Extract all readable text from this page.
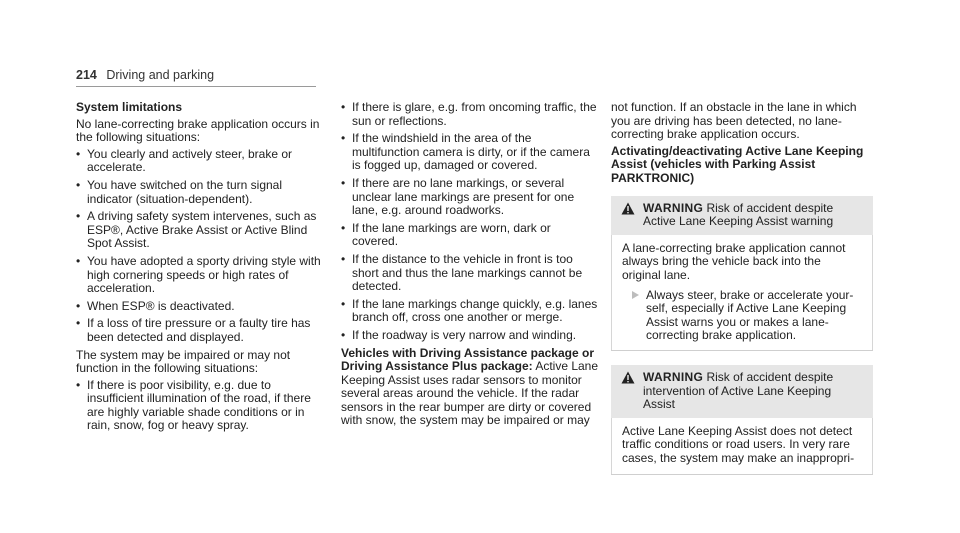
214 Driving and parking
System limitations

No lane-correcting brake application occurs in the following situations:

• You clearly and actively steer, brake or accelerate.
• You have switched on the turn signal indicator (situation-dependent).
• A driving safety system intervenes, such as ESP®, Active Brake Assist or Active Blind Spot Assist.
• You have adopted a sporty driving style with high cornering speeds or high rates of acceleration.
• When ESP® is deactivated.
• If a loss of tire pressure or a faulty tire has been detected and displayed.

The system may be impaired or may not function in the following situations:

• If there is poor visibility, e.g. due to insufficient illumination of the road, if there are highly variable shade conditions or in rain, snow, fog or heavy spray.
• If there is glare, e.g. from oncoming traffic, the sun or reflections.
• If the windshield in the area of the multifunction camera is dirty, or if the camera is fogged up, damaged or covered.
• If there are no lane markings, or several unclear lane markings are present for one lane, e.g. around roadworks.
• If the lane markings are worn, dark or covered.
• If the distance to the vehicle in front is too short and thus the lane markings cannot be detected.
• If the lane markings change quickly, e.g. lanes branch off, cross one another or merge.
• If the roadway is very narrow and winding.

Vehicles with Driving Assistance package or Driving Assistance Plus package: Active Lane Keeping Assist uses radar sensors to monitor several areas around the vehicle. If the radar sensors in the rear bumper are dirty or covered with snow, the system may be impaired or may

not function. If an obstacle in the lane in which you are driving has been detected, no lane-correcting brake application occurs.

Activating/deactivating Active Lane Keeping Assist (vehicles with Parking Assist PARKTRONIC)
WARNING Risk of accident despite Active Lane Keeping Assist warning
A lane-correcting brake application cannot always bring the vehicle back into the original lane.
Always steer, brake or accelerate your-self, especially if Active Lane Keeping Assist warns you or makes a lane-correcting brake application.
WARNING Risk of accident despite intervention of Active Lane Keeping Assist
Active Lane Keeping Assist does not detect traffic conditions or road users. In very rare cases, the system may make an inappropri-
